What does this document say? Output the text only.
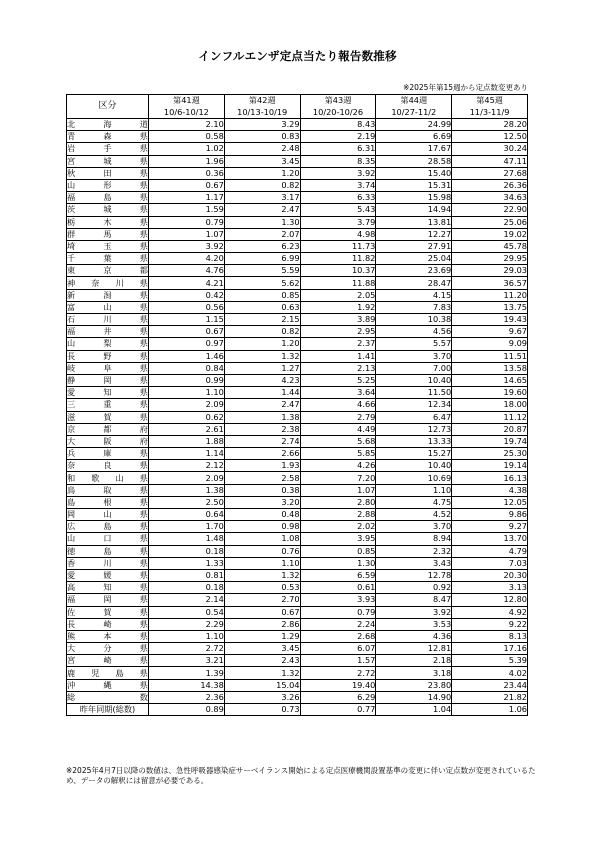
インフルエンザ定点当たり報告数推移
※2025年第15週から定点数変更あり
区分	第41週	第42週	第43週	第44週	第45週
	10/6-10/12	10/13-10/19	10/20-10/26	10/27-11/2	11/3-11/9
北海道	2.10	3.29	8.43	24.99	28.20
青森県	0.58	0.83	2.19	6.69	12.50
岩手県	1.02	2.48	6.31	17.67	30.24
宮城県	1.96	3.45	8.35	28.58	47.11
秋田県	0.36	1.20	3.92	15.40	27.68
山形県	0.67	0.82	3.74	15.31	26.36
福島県	1.17	3.17	6.33	15.98	34.63
茨城県	1.59	2.47	5.43	14.94	22.90
栃木県	0.79	1.30	3.79	13.81	25.06
群馬県	1.07	2.07	4.98	12.27	19.02
埼玉県	3.92	6.23	11.73	27.91	45.78
千葉県	4.20	6.99	11.82	25.04	29.95
東京都	4.76	5.59	10.37	23.69	29.03
神奈川県	4.21	5.62	11.88	28.47	36.57
新潟県	0.42	0.85	2.05	4.15	11.20
富山県	0.56	0.63	1.92	7.83	13.75
石川県	1.15	2.15	3.89	10.38	19.43
福井県	0.67	0.82	2.95	4.56	9.67
山梨県	0.97	1.20	2.37	5.57	9.09
長野県	1.46	1.32	1.41	3.70	11.51
岐阜県	0.84	1.27	2.13	7.00	13.58
静岡県	0.99	4.23	5.25	10.40	14.65
愛知県	1.10	1.44	3.64	11.50	19.60
三重県	2.09	2.47	4.66	12.34	18.00
滋賀県	0.62	1.38	2.79	6.47	11.12
京都府	2.61	2.38	4.49	12.73	20.87
大阪府	1.88	2.74	5.68	13.33	19.74
兵庫県	1.14	2.66	5.85	15.27	25.30
奈良県	2.12	1.93	4.26	10.40	19.14
和歌山県	2.09	2.58	7.20	10.69	16.13
鳥取県	1.38	0.38	1.07	1.10	4.38
島根県	2.50	3.20	2.80	4.75	12.05
岡山県	0.64	0.48	2.88	4.52	9.86
広島県	1.70	0.98	2.02	3.70	9.27
山口県	1.48	1.08	3.95	8.94	13.70
徳島県	0.18	0.76	0.85	2.32	4.79
香川県	1.33	1.10	1.30	3.43	7.03
愛媛県	0.81	1.32	6.59	12.78	20.30
高知県	0.18	0.53	0.61	0.92	3.13
福岡県	2.14	2.70	3.93	8.47	12.80
佐賀県	0.54	0.67	0.79	3.92	4.92
長崎県	2.29	2.86	2.24	3.53	9.22
熊本県	1.10	1.29	2.68	4.36	8.13
大分県	2.72	3.45	6.07	12.81	17.16
宮崎県	3.21	2.43	1.57	2.18	5.39
鹿児島県	1.39	1.32	2.72	3.18	4.02
沖縄県	14.38	15.04	19.40	23.80	23.44
総数	2.36	3.26	6.29	14.90	21.82
昨年同期(総数)	0.89	0.73	0.77	1.04	1.06
※2025年4月7日以降の数値は、急性呼吸器感染症サーベイランス開始による定点医療機関設置基準の変更に伴い定点数が変更されているため、データの解釈には留意が必要である。
